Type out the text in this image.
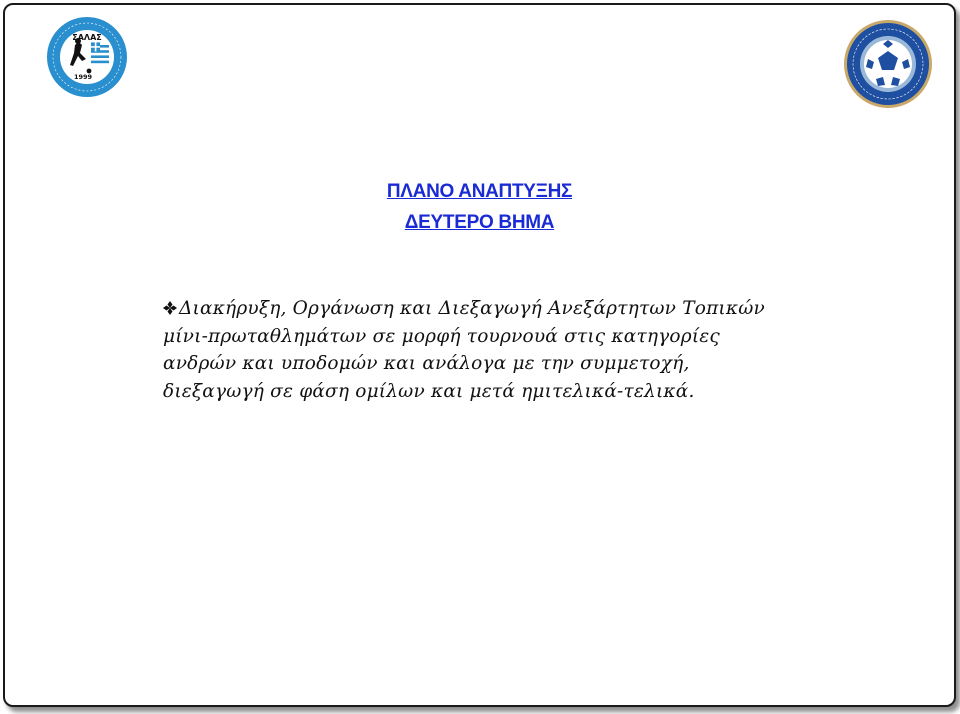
ΣΑΛΑΣ
1999
ΠΛΑΝΟ ΑΝΑΠΤΥΞΗΣ
ΔΕΥΤΕΡΟ ΒΗΜΑ
Διακήρυξη, Οργάνωση και Διεξαγωγή Ανεξάρτητων Τοπικών
μίνι-πρωταθλημάτων σε μορφή τουρνουά στις κατηγορίες
ανδρών και υποδομών και ανάλογα με την συμμετοχή,
διεξαγωγή σε φάση ομίλων και μετά ημιτελικά-τελικά.
